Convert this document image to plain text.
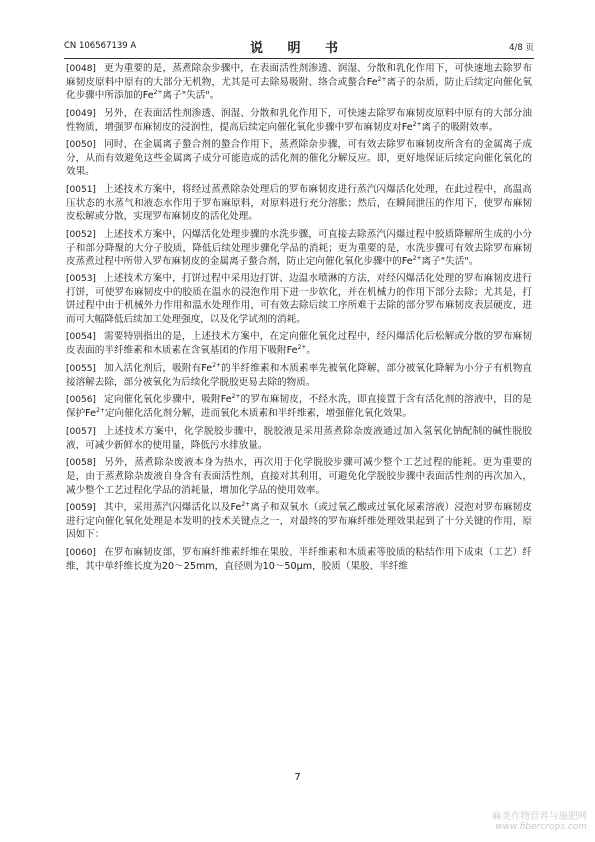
CN 106567139 A	说 明 书	4/8 页

[0048] 更为重要的是，蒸煮除杂步骤中，在表面活性剂渗透、润湿、分散和乳化作用下，可快速地去除罗布麻韧皮原料中原有的大部分无机物，尤其是可去除易吸附、络合或螯合$Fe^{2+}$离子的杂质，防止后续定向催化氧化步骤中所添加的$Fe^{2+}$离子"失活"。

[0049] 另外，在表面活性剂渗透、润湿、分散和乳化作用下，可快速去除罗布麻韧皮原料中原有的大部分油性物质，增强罗布麻韧皮的浸润性，提高后续定向催化氧化步骤中罗布麻韧皮对$Fe^{2+}$离子的吸附效率。

[0050] 同时，在金属离子螯合剂的螯合作用下，蒸煮除杂步骤，可有效去除罗布麻韧皮所含有的金属离子成分，从而有效避免这些金属离子成分可能造成的活化剂的催化分解反应。即，更好地保证后续定向催化氧化的效果。

[0051] 上述技术方案中，将经过蒸煮除杂处理后的罗布麻韧皮进行蒸汽闪爆活化处理，在此过程中，高温高压状态的水蒸气和液态水作用于罗布麻原料，对原料进行充分溶胀；然后，在瞬间泄压的作用下，使罗布麻韧皮松解或分散，实现罗布麻韧皮的活化处理。

[0052] 上述技术方案中，闪爆活化处理步骤的水洗步骤，可直接去除蒸汽闪爆过程中胶质降解所生成的小分子和部分降聚的大分子胶质，降低后续处理步骤化学品的消耗；更为重要的是，水洗步骤可有效去除罗布麻韧皮蒸煮过程中所带入罗布麻韧皮的金属离子螯合剂，防止定向催化氧化步骤中的$Fe^{2+}$离子"失活"。

[0053] 上述技术方案中，打饼过程中采用边打饼、边温水喷淋的方法，对经闪爆活化处理的罗布麻韧皮进行打饼，可使罗布麻韧皮中的胶质在温水的浸泡作用下进一步软化，并在机械力的作用下部分去除；尤其是，打饼过程中由于机械外力作用和温水处理作用，可有效去除后续工序所难于去除的部分罗布麻韧皮表层硬皮，进而可大幅降低后续加工处理强度，以及化学试剂的消耗。

[0054] 需要特别指出的是，上述技术方案中，在定向催化氧化过程中，经闪爆活化后松解或分散的罗布麻韧皮表面的半纤维素和木质素在含氧基团的作用下吸附$Fe^{2+}$。

[0055] 加入活化剂后，吸附有$Fe^{2+}$的半纤维素和木质素率先被氧化降解，部分被氧化降解为小分子有机物直接溶解去除，部分被氧化为后续化学脱胶更易去除的物质。

[0056] 定向催化氧化步骤中，吸附$Fe^{2+}$的罗布麻韧皮，不经水洗，即直接置于含有活化剂的溶液中，目的是保护$Fe^{2+}$定向催化活化剂分解，进而氧化木质素和半纤维素，增强催化氧化效果。

[0057] 上述技术方案中，化学脱胶步骤中，脱胶液是采用蒸煮除杂废液通过加入氢氧化钠配制的碱性脱胶液，可减少新鲜水的使用量，降低污水排放量。

[0058] 另外，蒸煮除杂废液本身为热水，再次用于化学脱胶步骤可减少整个工艺过程的能耗。更为重要的是，由于蒸煮除杂废液自身含有表面活性剂，直接对其利用，可避免化学脱胶步骤中表面活性剂的再次加入，减少整个工艺过程化学品的消耗量，增加化学品的使用效率。

[0059] 其中，采用蒸汽闪爆活化以及$Fe^{2+}$离子和双氧水（或过氧乙酸或过氧化尿素溶液）浸泡对罗布麻韧皮进行定向催化氧化处理是本发明的技术关键点之一，对最终的罗布麻纤维处理效果起到了十分关键的作用，原因如下：

[0060] 在罗布麻韧皮部，罗布麻纤维素纤维在果胶、半纤维素和木质素等胶质的粘结作用下成束（工艺）纤维，其中单纤维长度为20～25mm，直径则为10～50μm，胶质（果胶、半纤维

7
麻类作物营养与施肥网
www.fibercrops.com
